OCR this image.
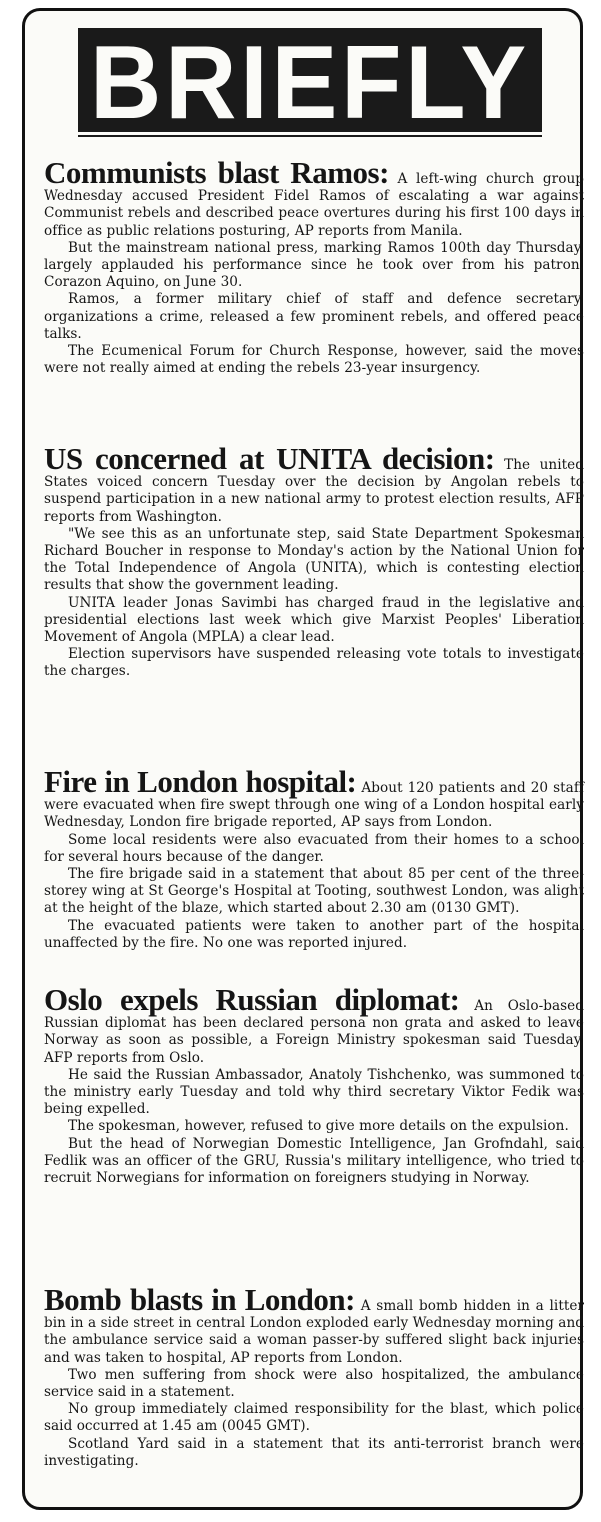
BRIEFLY

Communists blast Ramos: A left-wing church group Wednesday accused President Fidel Ramos of escalating a war against Communist rebels and described peace overtures during his first 100 days in office as public relations posturing, AP reports from Manila.

But the mainstream national press, marking Ramos 100th day Thursday, largely applauded his performance since he took over from his patron, Corazon Aquino, on June 30.

Ramos, a former military chief of staff and defence secretary, organizations a crime, released a few prominent rebels, and offered peace talks.

The Ecumenical Forum for Church Response, however, said the moves were not really aimed at ending the rebels 23-year insurgency.

US concerned at UNITA decision: The united States voiced concern Tuesday over the decision by Angolan rebels to suspend participation in a new national army to protest election results, AFP reports from Washington.

"We see this as an unfortunate step, said State Department Spokesman Richard Boucher in response to Monday's action by the National Union for the Total Independence of Angola (UNITA), which is contesting election results that show the government leading.

UNITA leader Jonas Savimbi has charged fraud in the legislative and presidential elections last week which give Marxist Peoples' Liberation Movement of Angola (MPLA) a clear lead.

Election supervisors have suspended releasing vote totals to investigate the charges.

Fire in London hospital: About 120 patients and 20 staff were evacuated when fire swept through one wing of a London hospital early Wednesday, London fire brigade reported, AP says from London.

Some local residents were also evacuated from their homes to a school for several hours because of the danger.

The fire brigade said in a statement that about 85 per cent of the three-storey wing at St George's Hospital at Tooting, southwest London, was alight at the height of the blaze, which started about 2.30 am (0130 GMT).

The evacuated patients were taken to another part of the hospital unaffected by the fire. No one was reported injured.

Oslo expels Russian diplomat: An Oslo-based Russian diplomat has been declared persona non grata and asked to leave Norway as soon as possible, a Foreign Ministry spokesman said Tuesday, AFP reports from Oslo.

He said the Russian Ambassador, Anatoly Tishchenko, was summoned to the ministry early Tuesday and told why third secretary Viktor Fedik was being expelled.

The spokesman, however, refused to give more details on the expulsion.

But the head of Norwegian Domestic Intelligence, Jan Grofndahl, said Fedlik was an officer of the GRU, Russia's military intelligence, who tried to recruit Norwegians for information on foreigners studying in Norway.

Bomb blasts in London: A small bomb hidden in a litter bin in a side street in central London exploded early Wednesday morning and the ambulance service said a woman passer-by suffered slight back injuries and was taken to hospital, AP reports from London.

Two men suffering from shock were also hospitalized, the ambulance service said in a statement.

No group immediately claimed responsibility for the blast, which police said occurred at 1.45 am (0045 GMT).

Scotland Yard said in a statement that its anti-terrorist branch were investigating.
